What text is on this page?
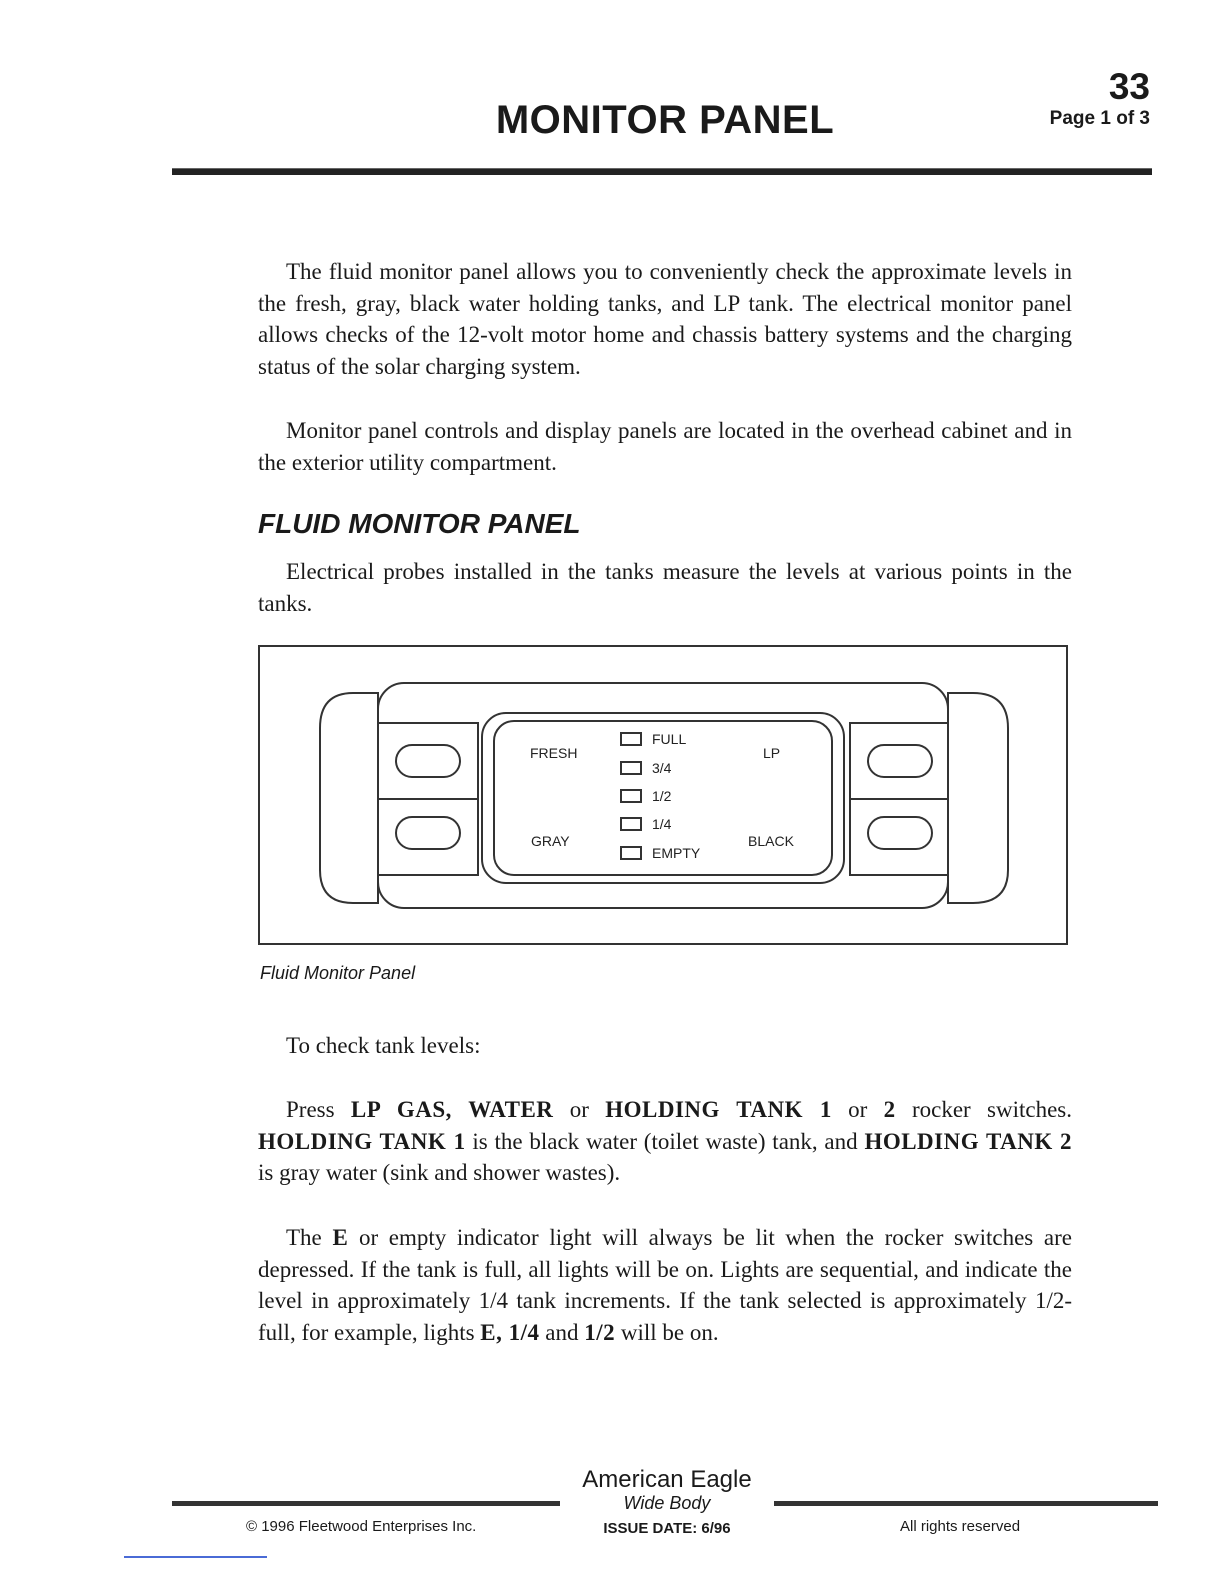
33
Page 1 of 3
MONITOR PANEL
The fluid monitor panel allows you to conveniently check the approximate levels in the fresh, gray, black water holding tanks, and LP tank. The electrical monitor panel allows checks of the 12-volt motor home and chassis battery systems and the charging status of the solar charging system.
Monitor panel controls and display panels are located in the overhead cabinet and in the exterior utility compartment.
FLUID MONITOR PANEL
Electrical probes installed in the tanks measure the levels at various points in the tanks.
FRESH
GRAY
LP
BLACK
FULL
3/4
1/2
1/4
EMPTY
Fluid Monitor Panel
To check tank levels:
Press LP GAS, WATER or HOLDING TANK 1 or 2 rocker switches. HOLDING TANK 1 is the black water (toilet waste) tank, and HOLDING TANK 2 is gray water (sink and shower wastes).
The E or empty indicator light will always be lit when the rocker switches are depressed. If the tank is full, all lights will be on. Lights are sequential, and indicate the level in approximately 1/4 tank increments. If the tank selected is approximately 1/2-full, for example, lights E, 1/4 and 1/2 will be on.
American Eagle
Wide Body
ISSUE DATE: 6/96
© 1996 Fleetwood Enterprises Inc.	All rights reserved
